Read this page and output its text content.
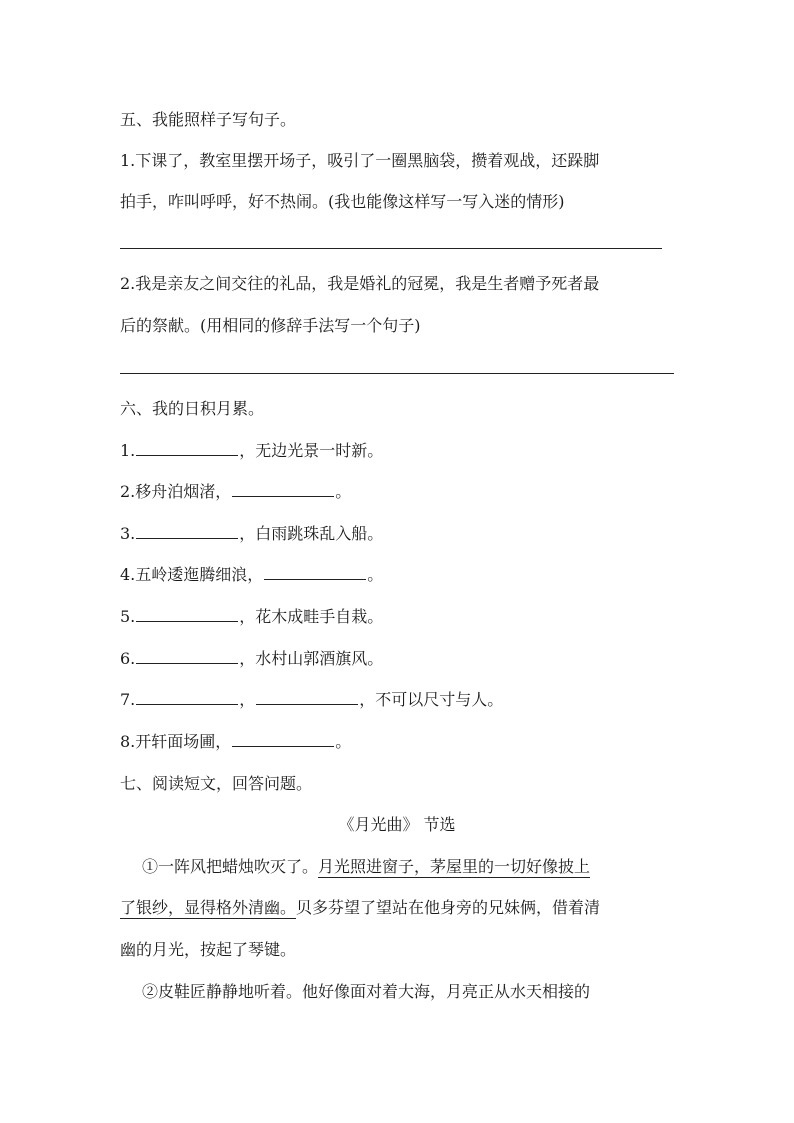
五、我能照样子写句子。
1.下课了，教室里摆开场子，吸引了一圈黑脑袋，攒着观战，还跺脚
拍手，咋叫呼呼，好不热闹。(我也能像这样写一写入迷的情形)
2.我是亲友之间交往的礼品，我是婚礼的冠冕，我是生者赠予死者最
后的祭献。(用相同的修辞手法写一个句子)
六、我的日积月累。
1.	，无边光景一时新。
2.移舟泊烟渚，	。
3.	，白雨跳珠乱入船。
4.五岭逶迤腾细浪，	。
5.	，花木成畦手自栽。
6.	，水村山郭酒旗风。
7.	，	，不可以尺寸与人。
8.开轩面场圃，	。
七、阅读短文，回答问题。
《月光曲》 节选
①一阵风把蜡烛吹灭了。月光照进窗子，茅屋里的一切好像披上
了银纱，显得格外清幽。贝多芬望了望站在他身旁的兄妹俩，借着清
幽的月光，按起了琴键。
②皮鞋匠静静地听着。他好像面对着大海，月亮正从水天相接的
